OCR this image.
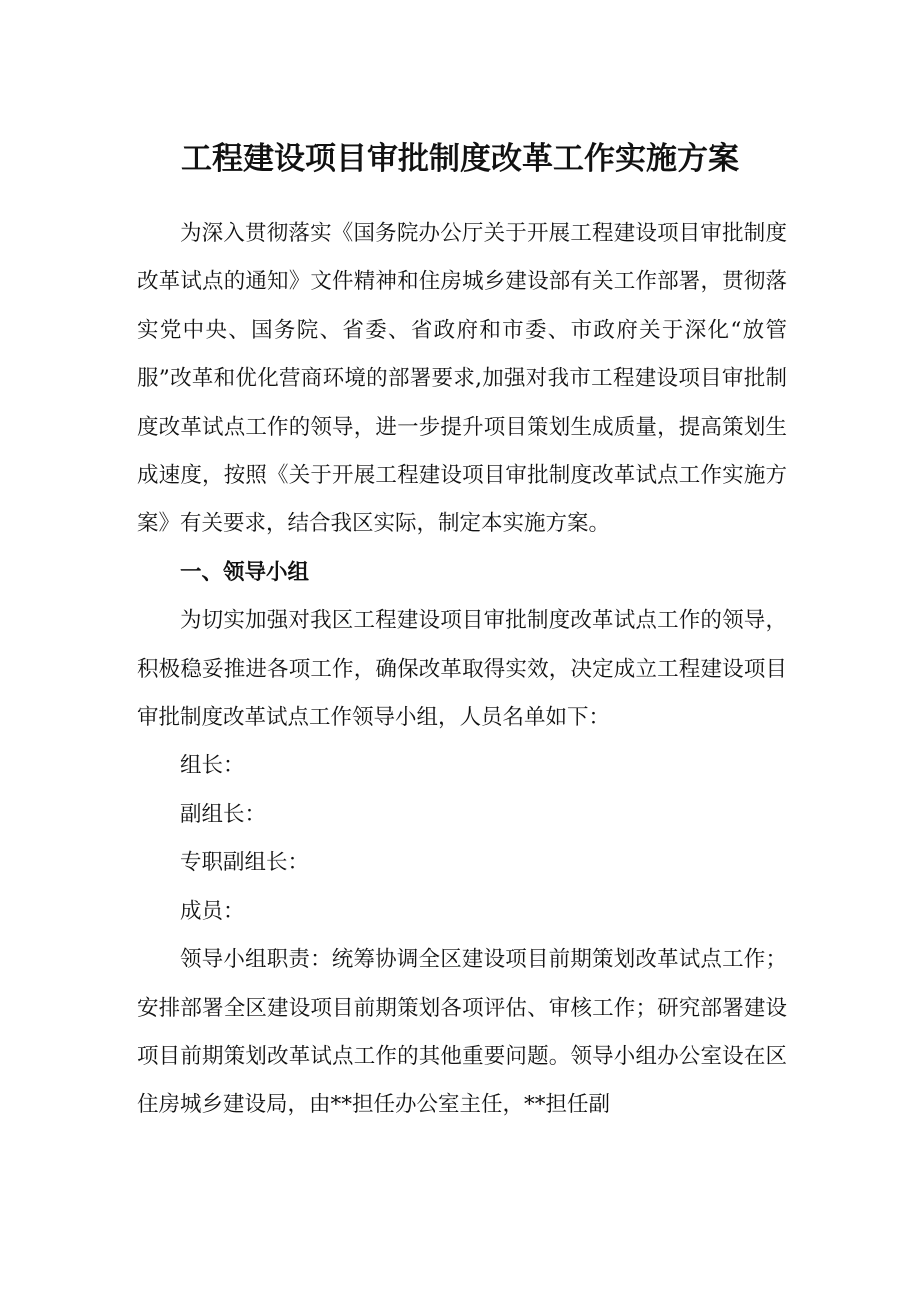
工程建设项目审批制度改革工作实施方案

为深入贯彻落实《国务院办公厅关于开展工程建设项目审批制度改革试点的通知》文件精神和住房城乡建设部有关工作部署，贯彻落实党中央、国务院、省委、省政府和市委、市政府关于深化“放管服”改革和优化营商环境的部署要求,加强对我市工程建设项目审批制度改革试点工作的领导，进一步提升项目策划生成质量，提高策划生成速度，按照《关于开展工程建设项目审批制度改革试点工作实施方案》有关要求，结合我区实际，制定本实施方案。

一、领导小组

为切实加强对我区工程建设项目审批制度改革试点工作的领导，积极稳妥推进各项工作，确保改革取得实效，决定成立工程建设项目审批制度改革试点工作领导小组，人员名单如下：

组长：

副组长：

专职副组长：

成员：

领导小组职责：统筹协调全区建设项目前期策划改革试点工作；安排部署全区建设项目前期策划各项评估、审核工作；研究部署建设项目前期策划改革试点工作的其他重要问题。领导小组办公室设在区住房城乡建设局，由**担任办公室主任，**担任副
